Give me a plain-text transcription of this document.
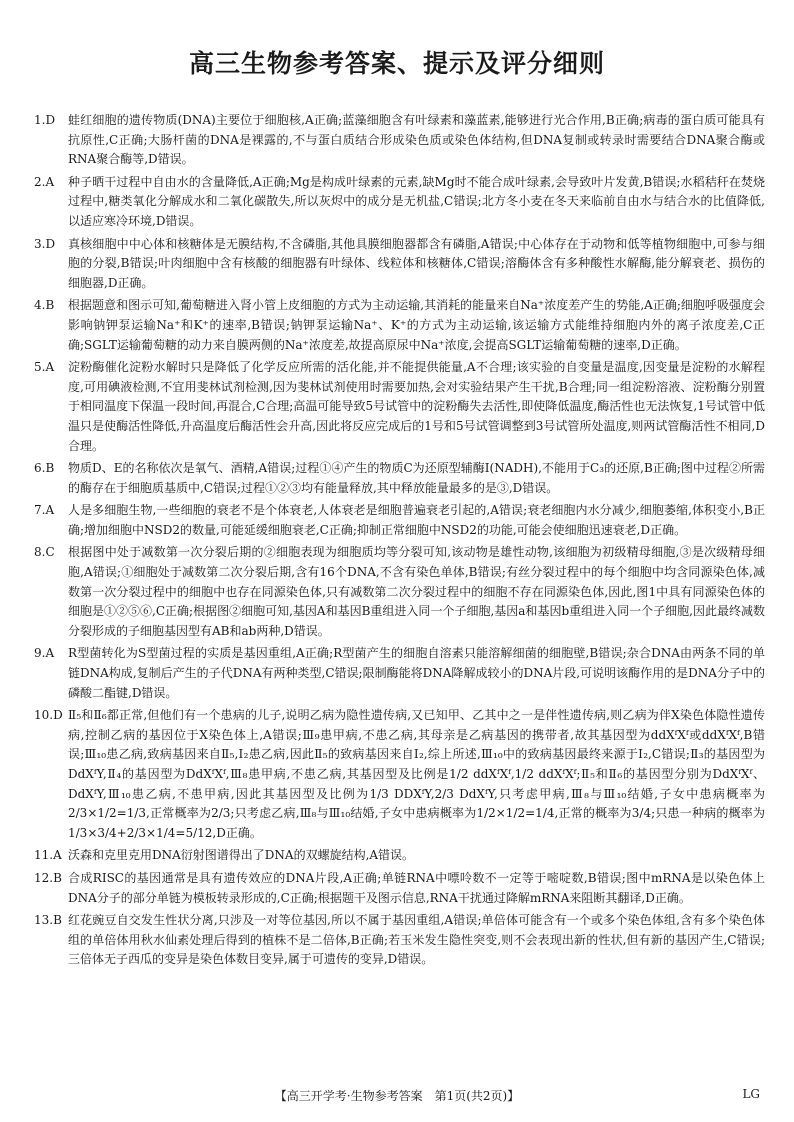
高三生物参考答案、提示及评分细则
1.D 蛙红细胞的遗传物质(DNA)主要位于细胞核,A正确;蓝藻细胞含有叶绿素和藻蓝素,能够进行光合作用,B正确;病毒的蛋白质可能具有抗原性,C正确;大肠杆菌的DNA是裸露的,不与蛋白质结合形成染色质或染色体结构,但DNA复制或转录时需要结合DNA聚合酶或RNA聚合酶等,D错误。
2.A 种子晒干过程中自由水的含量降低,A正确;Mg是构成叶绿素的元素,缺Mg时不能合成叶绿素,会导致叶片发黄,B错误;水稻秸秆在焚烧过程中,糖类氧化分解成水和二氧化碳散失,所以灰烬中的成分是无机盐,C错误;北方冬小麦在冬天来临前自由水与结合水的比值降低,以适应寒冷环境,D错误。
3.D 真核细胞中中心体和核糖体是无膜结构,不含磷脂,其他具膜细胞器都含有磷脂,A错误;中心体存在于动物和低等植物细胞中,可参与细胞的分裂,B错误;叶肉细胞中含有核酸的细胞器有叶绿体、线粒体和核糖体,C错误;溶酶体含有多种酸性水解酶,能分解衰老、损伤的细胞器,D正确。
4.B 根据题意和图示可知,葡萄糖进入肾小管上皮细胞的方式为主动运输,其消耗的能量来自Na⁺浓度差产生的势能,A正确;细胞呼吸强度会影响钠钾泵运输Na⁺和K⁺的速率,B错误;钠钾泵运输Na⁺、K⁺的方式为主动运输,该运输方式能维持细胞内外的离子浓度差,C正确;SGLT运输葡萄糖的动力来自膜两侧的Na⁺浓度差,故提高原尿中Na⁺浓度,会提高SGLT运输葡萄糖的速率,D正确。
5.A 淀粉酶催化淀粉水解时只是降低了化学反应所需的活化能,并不能提供能量,A不合理;该实验的自变量是温度,因变量是淀粉的水解程度,可用碘液检测,不宜用斐林试剂检测,因为斐林试剂使用时需要加热,会对实验结果产生干扰,B合理;同一组淀粉溶液、淀粉酶分别置于相同温度下保温一段时间,再混合,C合理;高温可能导致5号试管中的淀粉酶失去活性,即使降低温度,酶活性也无法恢复,1号试管中低温只是使酶活性降低,升高温度后酶活性会升高,因此将反应完成后的1号和5号试管调整到3号试管所处温度,则两试管酶活性不相同,D合理。
6.B 物质D、E的名称依次是氧气、酒精,A错误;过程①④产生的物质C为还原型辅酶Ⅰ(NADH),不能用于C₃的还原,B正确;图中过程②所需的酶存在于细胞质基质中,C错误;过程①②③均有能量释放,其中释放能量最多的是③,D错误。
7.A 人是多细胞生物,一些细胞的衰老不是个体衰老,人体衰老是细胞普遍衰老引起的,A错误;衰老细胞内水分减少,细胞萎缩,体积变小,B正确;增加细胞中NSD2的数量,可能延缓细胞衰老,C正确;抑制正常细胞中NSD2的功能,可能会使细胞迅速衰老,D正确。
8.C 根据图中处于减数第一次分裂后期的②细胞表现为细胞质均等分裂可知,该动物是雄性动物,该细胞为初级精母细胞,③是次级精母细胞,A错误;①细胞处于减数第二次分裂后期,含有16个DNA,不含有染色单体,B错误;有丝分裂过程中的每个细胞中均含同源染色体,减数第一次分裂过程中的细胞中也存在同源染色体,只有减数第二次分裂过程中的细胞不存在同源染色体,因此,图1中具有同源染色体的细胞是①②⑤⑥,C正确;根据图②细胞可知,基因A和基因B重组进入同一个子细胞,基因a和基因b重组进入同一个子细胞,因此最终减数分裂形成的子细胞基因型有AB和ab两种,D错误。
9.A R型菌转化为S型菌过程的实质是基因重组,A正确;R型菌产生的细胞自溶素只能溶解细菌的细胞壁,B错误;杂合DNA由两条不同的单链DNA构成,复制后产生的子代DNA有两种类型,C错误;限制酶能将DNA降解成较小的DNA片段,可说明该酶作用的是DNA分子中的磷酸二酯键,D错误。
10.D Ⅱ₅和Ⅱ₆都正常,但他们有一个患病的儿子,说明乙病为隐性遗传病,又已知甲、乙其中之一是伴性遗传病,则乙病为伴X染色体隐性遗传病,控制乙病的基因位于X染色体上,A错误;Ⅲ₉患甲病,不患乙病,其母亲是乙病基因的携带者,故其基因型为ddXᶠXᶠ或ddXᶠXᶠ,B错误;Ⅲ₁₀患乙病,致病基因来自Ⅱ₅,Ⅰ₂患乙病,因此Ⅱ₅的致病基因来自Ⅰ₂,综上所述,Ⅲ₁₀中的致病基因最终来源于Ⅰ₂,C错误;Ⅱ₃的基因型为DdXᶠY,Ⅱ₄的基因型为DdXᶠXᶠ,Ⅲ₈患甲病,不患乙病,其基因型及比例是1/2 ddXᶠXᶠ,1/2 ddXᶠXᶠ;Ⅱ₅和Ⅱ₆的基因型分别为DdXᶠXᶠ、DdXᶠY,Ⅲ₁₀患乙病,不患甲病,因此其基因型及比例为1/3 DDXᶠY,2/3 DdXᶠY,只考虑甲病,Ⅲ₈与Ⅲ₁₀结婚,子女中患病概率为2/3×1/2=1/3,正常概率为2/3;只考虑乙病,Ⅲ₈与Ⅲ₁₀结婚,子女中患病概率为1/2×1/2=1/4,正常的概率为3/4;只患一种病的概率为1/3×3/4+2/3×1/4=5/12,D正确。
11.A 沃森和克里克用DNA衍射图谱得出了DNA的双螺旋结构,A错误。
12.B 合成RISC的基因通常是具有遗传效应的DNA片段,A正确;单链RNA中嘌呤数不一定等于嘧啶数,B错误;图中mRNA是以染色体上DNA分子的部分单链为模板转录形成的,C正确;根据题干及图示信息,RNA干扰通过降解mRNA来阻断其翻译,D正确。
13.B 红花豌豆自交发生性状分离,只涉及一对等位基因,所以不属于基因重组,A错误;单倍体可能含有一个或多个染色体组,含有多个染色体组的单倍体用秋水仙素处理后得到的植株不是二倍体,B正确;若玉米发生隐性突变,则不会表现出新的性状,但有新的基因产生,C错误;三倍体无子西瓜的变异是染色体数目变异,属于可遗传的变异,D错误。
【高三开学考·生物参考答案　第1页(共2页)】	LG
